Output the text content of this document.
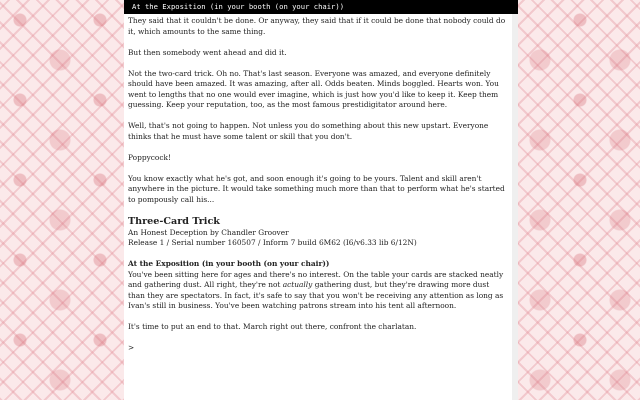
At the Exposition (in your booth (on your chair))

They said that it couldn't be done. Or anyway, they said that if it could be done that nobody could do it, which amounts to the same thing.

But then somebody went ahead and did it.

Not the two-card trick. Oh no. That's last season. Everyone was amazed, and everyone definitely should have been amazed. It was amazing, after all. Odds beaten. Minds boggled. Hearts won. You went to lengths that no one would ever imagine, which is just how you'd like to keep it. Keep them guessing. Keep your reputation, too, as the most famous prestidigitator around here.

Well, that's not going to happen. Not unless you do something about this new upstart. Everyone thinks that he must have some talent or skill that you don't.

Poppycock!

You know exactly what he's got, and soon enough it's going to be yours. Talent and skill aren't anywhere in the picture. It would take something much more than that to perform what he's started to pompously call his...

Three-Card Trick
An Honest Deception by Chandler Groover
Release 1 / Serial number 160507 / Inform 7 build 6M62 (I6/v6.33 lib 6/12N)
At the Exposition (in your booth (on your chair))

You've been sitting here for ages and there's no interest. On the table your cards are stacked neatly and gathering dust. All right, they're not actually gathering dust, but they're drawing more dust than they are spectators. In fact, it's safe to say that you won't be receiving any attention as long as Ivan's still in business. You've been watching patrons stream into his tent all afternoon.

It's time to put an end to that. March right out there, confront the charlatan.

>
